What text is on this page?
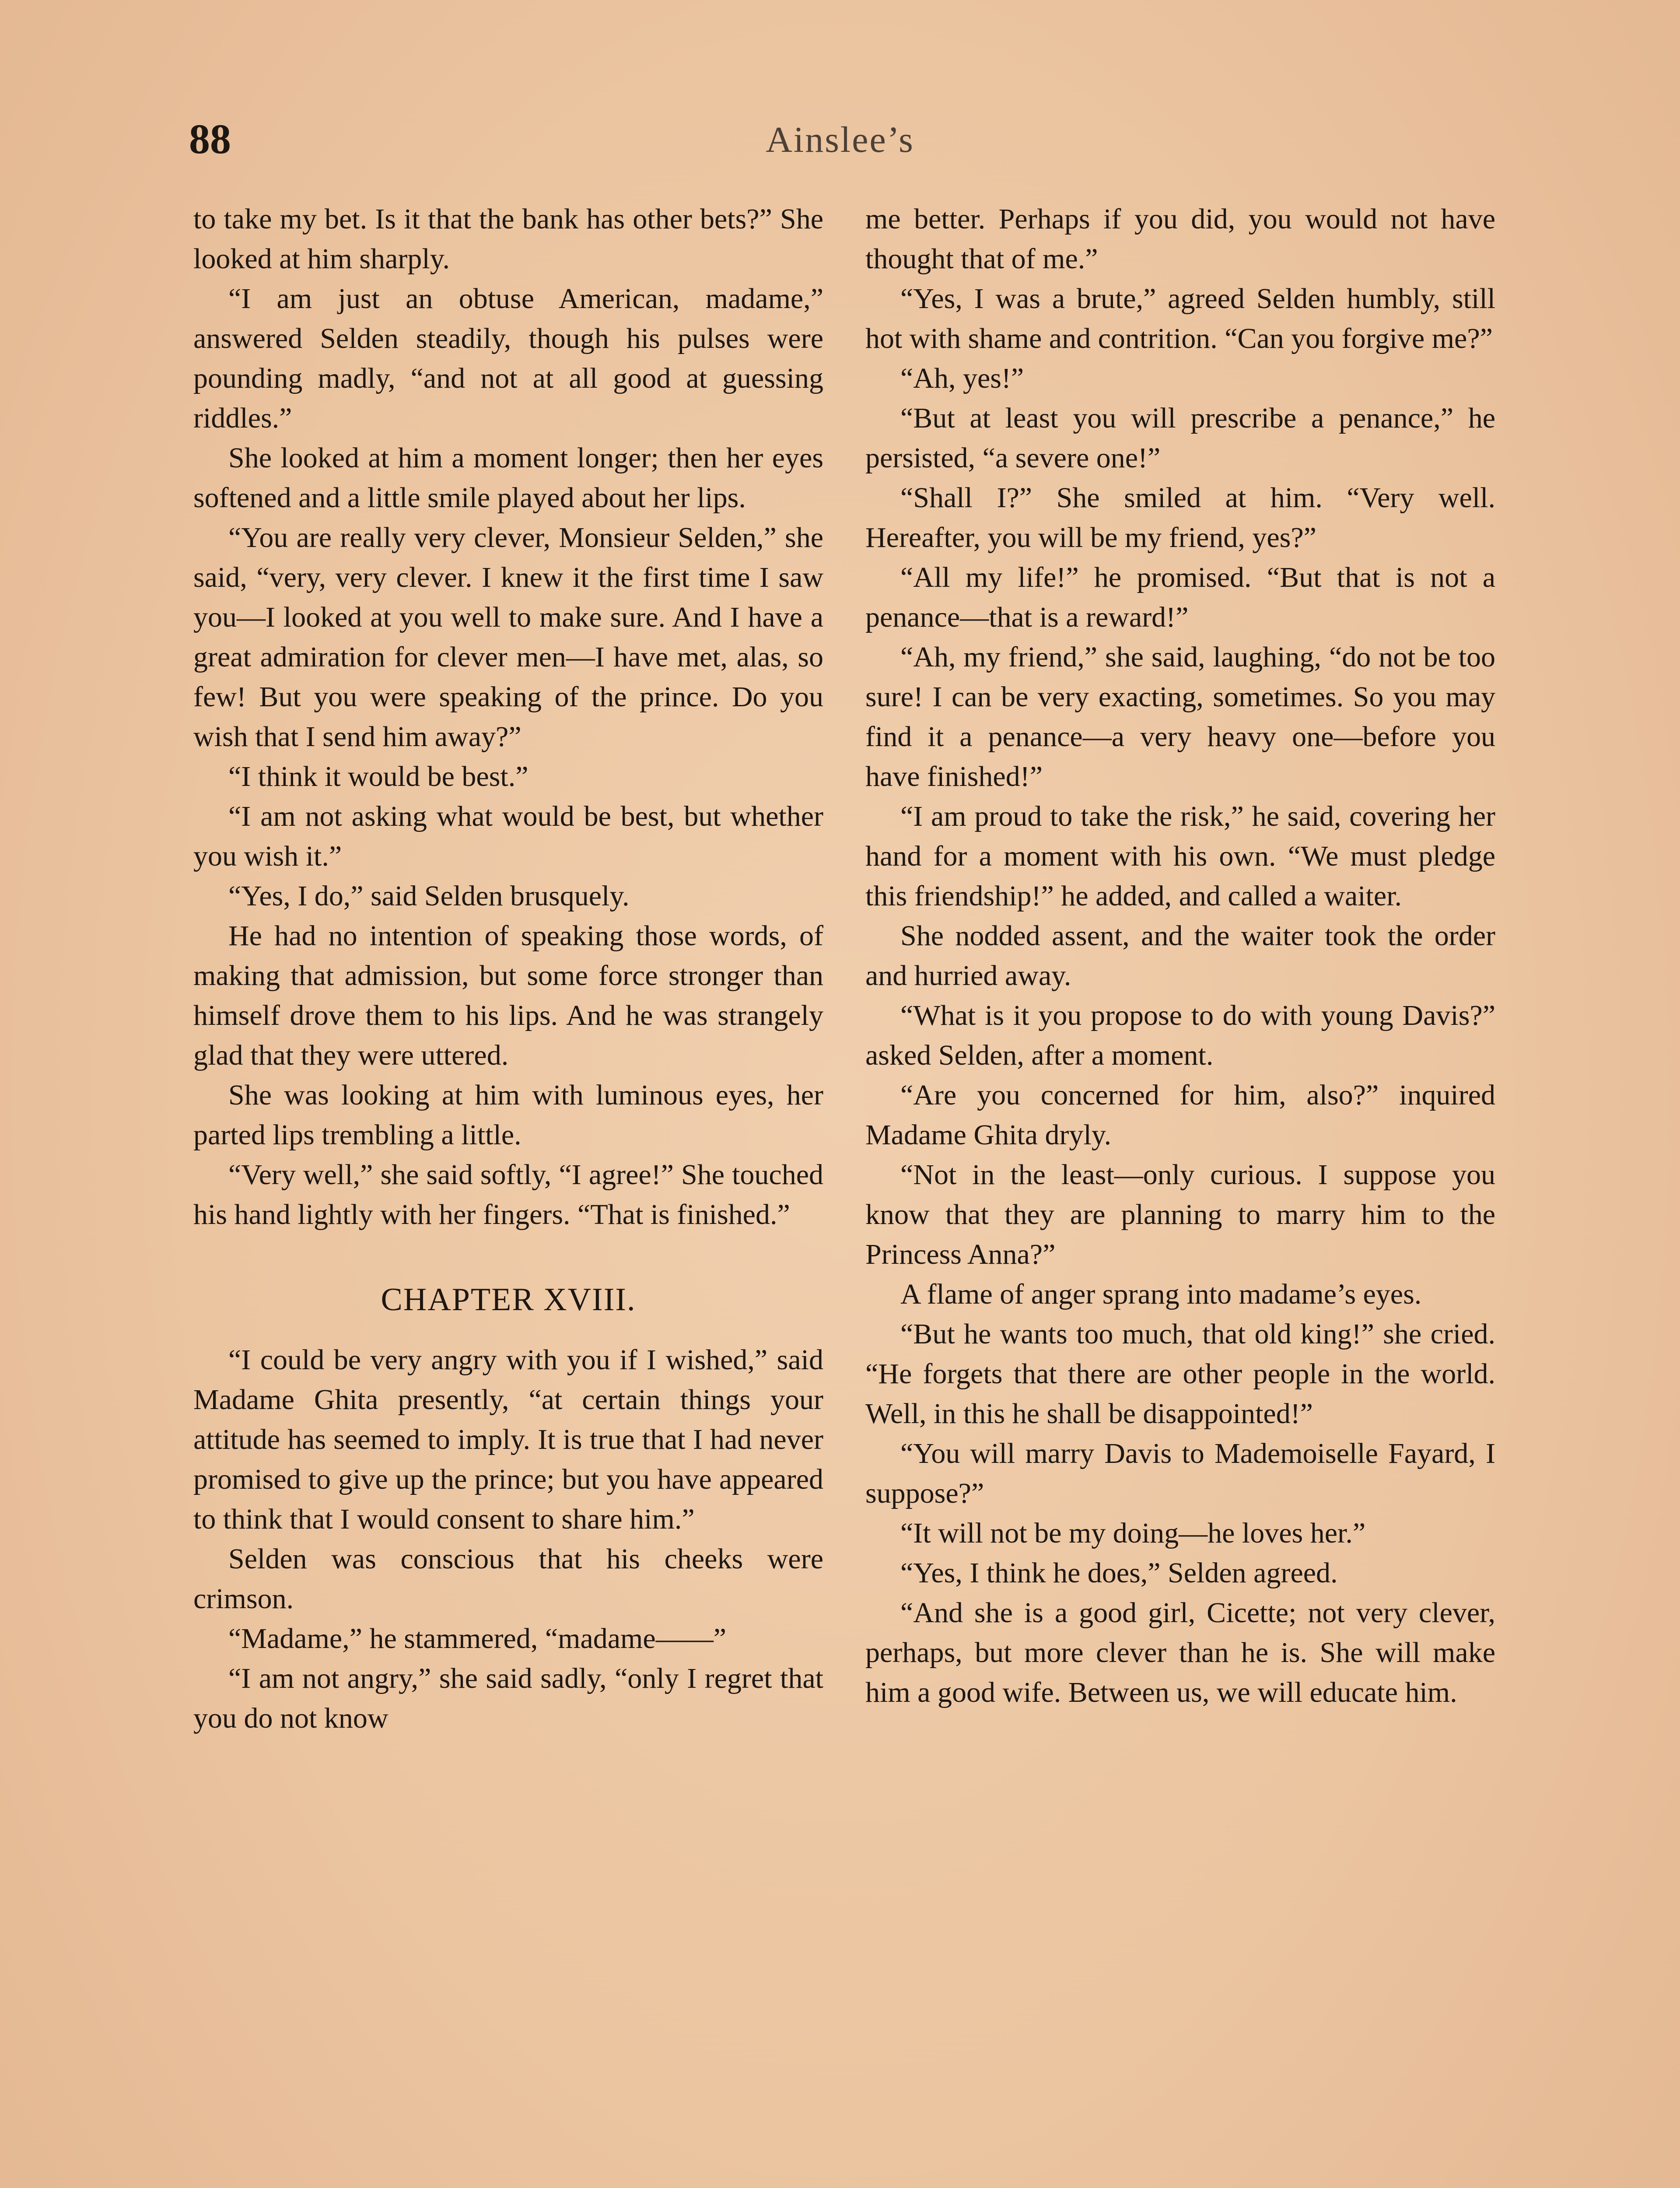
88	Ainslee’s

to take my bet. Is it that the bank has other bets?” She looked at him sharply.

“I am just an obtuse American, madame,” answered Selden steadily, though his pulses were pounding madly, “and not at all good at guessing riddles.”

She looked at him a moment longer; then her eyes softened and a little smile played about her lips.

“You are really very clever, Monsieur Selden,” she said, “very, very clever. I knew it the first time I saw you—I looked at you well to make sure. And I have a great admiration for clever men—I have met, alas, so few! But you were speaking of the prince. Do you wish that I send him away?”

“I think it would be best.”

“I am not asking what would be best, but whether you wish it.”

“Yes, I do,” said Selden brusquely.

He had no intention of speaking those words, of making that admission, but some force stronger than himself drove them to his lips. And he was strangely glad that they were uttered.

She was looking at him with luminous eyes, her parted lips trembling a little.

“Very well,” she said softly, “I agree!” She touched his hand lightly with her fingers. “That is finished.”

CHAPTER XVIII.

“I could be very angry with you if I wished,” said Madame Ghita presently, “at certain things your attitude has seemed to imply. It is true that I had never promised to give up the prince; but you have appeared to think that I would consent to share him.”

Selden was conscious that his cheeks were crimson.

“Madame,” he stammered, “madame——”

“I am not angry,” she said sadly, “only I regret that you do not know

me better. Perhaps if you did, you would not have thought that of me.”

“Yes, I was a brute,” agreed Selden humbly, still hot with shame and contrition. “Can you forgive me?”

“Ah, yes!”

“But at least you will prescribe a penance,” he persisted, “a severe one!”

“Shall I?” She smiled at him. “Very well. Hereafter, you will be my friend, yes?”

“All my life!” he promised. “But that is not a penance—that is a reward!”

“Ah, my friend,” she said, laughing, “do not be too sure! I can be very exacting, sometimes. So you may find it a penance—a very heavy one—before you have finished!”

“I am proud to take the risk,” he said, covering her hand for a moment with his own. “We must pledge this friendship!” he added, and called a waiter.

She nodded assent, and the waiter took the order and hurried away.

“What is it you propose to do with young Davis?” asked Selden, after a moment.

“Are you concerned for him, also?” inquired Madame Ghita dryly.

“Not in the least—only curious. I suppose you know that they are planning to marry him to the Princess Anna?”

A flame of anger sprang into madame’s eyes.

“But he wants too much, that old king!” she cried. “He forgets that there are other people in the world. Well, in this he shall be disappointed!”

“You will marry Davis to Mademoiselle Fayard, I suppose?”

“It will not be my doing—he loves her.”

“Yes, I think he does,” Selden agreed.

“And she is a good girl, Cicette; not very clever, perhaps, but more clever than he is. She will make him a good wife. Between us, we will educate him.
